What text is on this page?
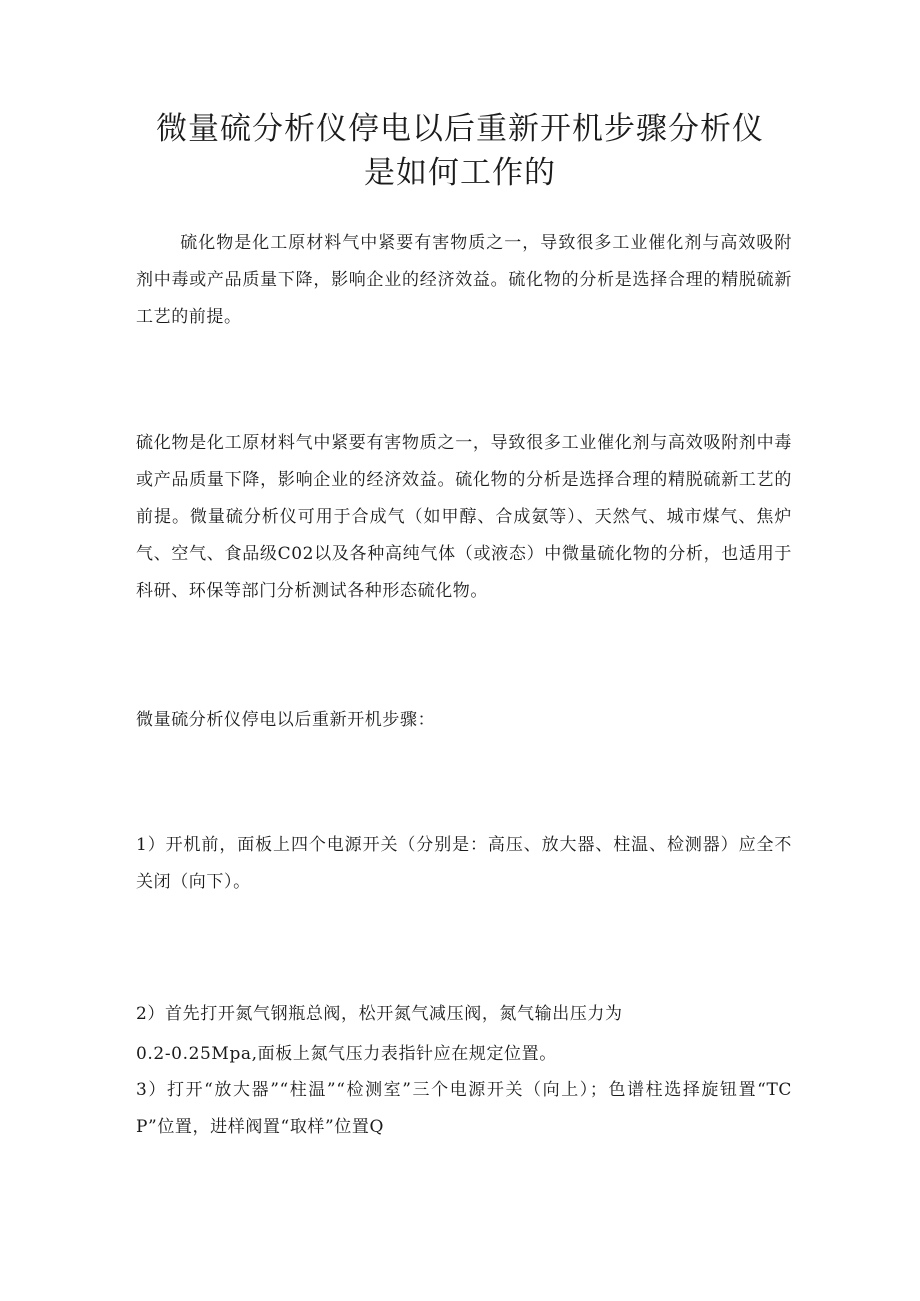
微量硫分析仪停电以后重新开机步骤分析仪
是如何工作的

硫化物是化工原材料气中紧要有害物质之一，导致很多工业催化剂与高效吸附剂中毒或产品质量下降，影响企业的经济效益。硫化物的分析是选择合理的精脱硫新工艺的前提。

硫化物是化工原材料气中紧要有害物质之一，导致很多工业催化剂与高效吸附剂中毒或产品质量下降，影响企业的经济效益。硫化物的分析是选择合理的精脱硫新工艺的前提。微量硫分析仪可用于合成气（如甲醇、合成氨等）、天然气、城市煤气、焦炉气、空气、食品级C02以及各种高纯气体（或液态）中微量硫化物的分析，也适用于科研、环保等部门分析测试各种形态硫化物。

微量硫分析仪停电以后重新开机步骤：

1）开机前，面板上四个电源开关（分别是：高压、放大器、柱温、检测器）应全不关闭（向下）。

2）首先打开氮气钢瓶总阀，松开氮气减压阀，氮气输出压力为

0.2-0.25Mpa,面板上氮气压力表指针应在规定位置。

3）打开“放大器”“柱温”“检测室”三个电源开关（向上）；色谱柱选择旋钮置“TCP”位置，进样阀置“取样”位置Q
